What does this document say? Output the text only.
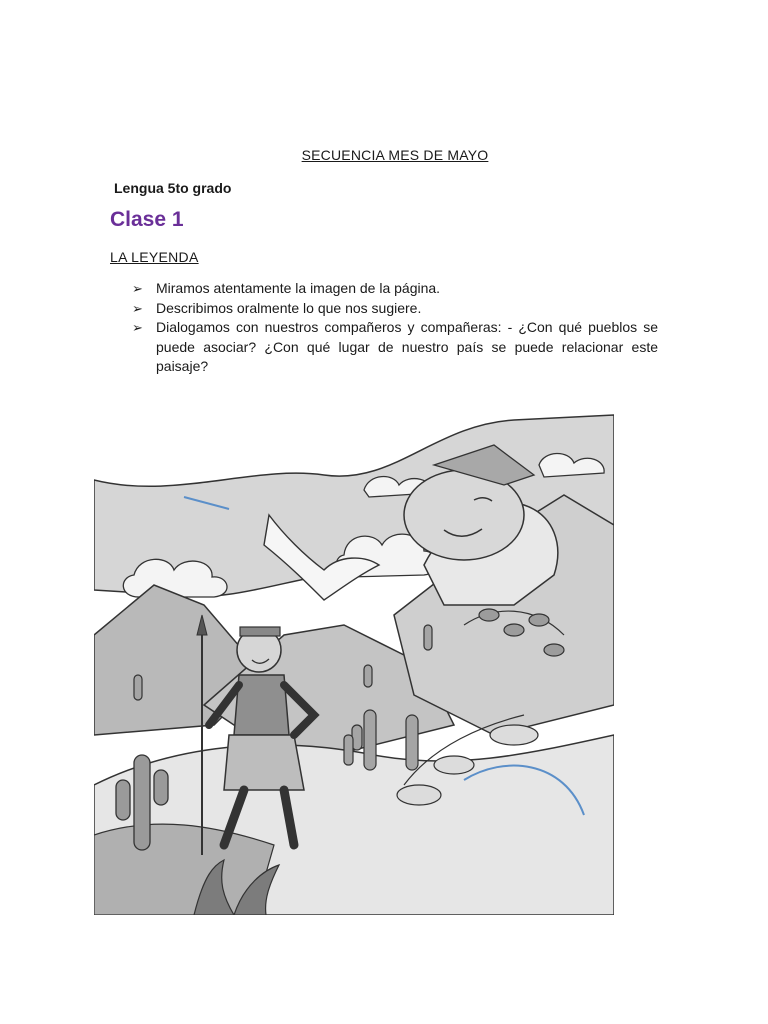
SECUENCIA MES DE MAYO
Lengua 5to grado
Clase 1
LA LEYENDA
➢ Miramos atentamente la imagen de la página.
➢ Describimos oralmente lo que nos sugiere.
➢ Dialogamos con nuestros compañeros y compañeras: - ¿Con qué pueblos se puede asociar? ¿Con qué lugar de nuestro país se puede relacionar este paisaje?
